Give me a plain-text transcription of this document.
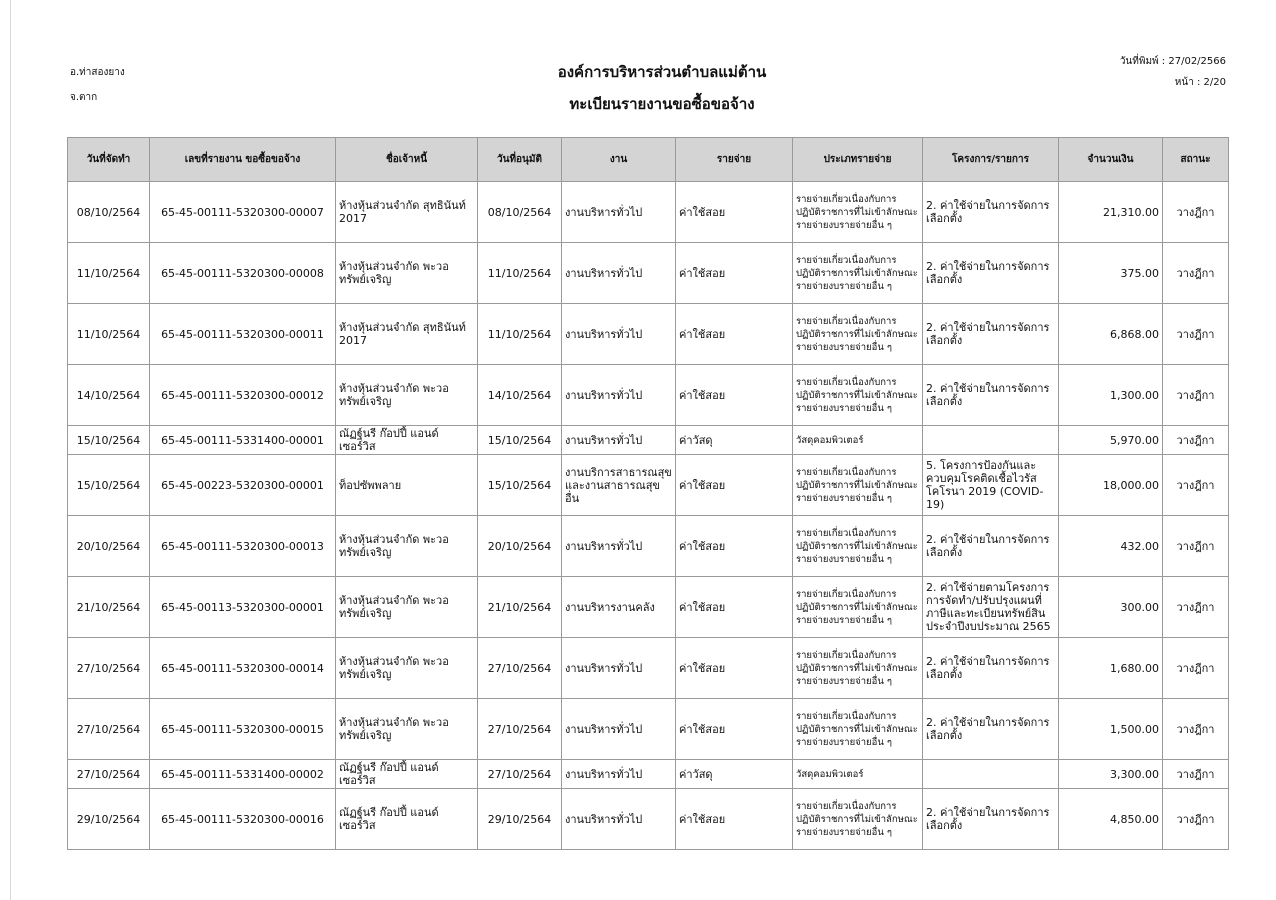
อ.ท่าสองยาง
จ.ตาก
องค์การบริหารส่วนตำบลแม่ต้าน
ทะเบียนรายงานขอซื้อขอจ้าง
วันที่พิมพ์ : 27/02/2566
หน้า : 2/20
วันที่จัดทำ	เลขที่รายงาน ขอซื้อขอจ้าง	ชื่อเจ้าหนี้	วันที่อนุมัติ	งาน	รายจ่าย	ประเภทรายจ่าย	โครงการ/รายการ	จำนวนเงิน	สถานะ
08/10/2564	65-45-00111-5320300-00007	ห้างหุ้นส่วนจำกัด สุทธินันท์ 2017	08/10/2564	งานบริหารทั่วไป	ค่าใช้สอย	รายจ่ายเกี่ยวเนื่องกับการปฏิบัติราชการที่ไม่เข้าลักษณะรายจ่ายงบรายจ่ายอื่น ๆ	2. ค่าใช้จ่ายในการจัดการเลือกตั้ง	21,310.00	วางฎีกา
11/10/2564	65-45-00111-5320300-00008	ห้างหุ้นส่วนจำกัด พะวอ ทรัพย์เจริญ	11/10/2564	งานบริหารทั่วไป	ค่าใช้สอย	รายจ่ายเกี่ยวเนื่องกับการปฏิบัติราชการที่ไม่เข้าลักษณะรายจ่ายงบรายจ่ายอื่น ๆ	2. ค่าใช้จ่ายในการจัดการเลือกตั้ง	375.00	วางฎีกา
11/10/2564	65-45-00111-5320300-00011	ห้างหุ้นส่วนจำกัด สุทธินันท์ 2017	11/10/2564	งานบริหารทั่วไป	ค่าใช้สอย	รายจ่ายเกี่ยวเนื่องกับการปฏิบัติราชการที่ไม่เข้าลักษณะรายจ่ายงบรายจ่ายอื่น ๆ	2. ค่าใช้จ่ายในการจัดการเลือกตั้ง	6,868.00	วางฎีกา
14/10/2564	65-45-00111-5320300-00012	ห้างหุ้นส่วนจำกัด พะวอ ทรัพย์เจริญ	14/10/2564	งานบริหารทั่วไป	ค่าใช้สอย	รายจ่ายเกี่ยวเนื่องกับการปฏิบัติราชการที่ไม่เข้าลักษณะรายจ่ายงบรายจ่ายอื่น ๆ	2. ค่าใช้จ่ายในการจัดการเลือกตั้ง	1,300.00	วางฎีกา
15/10/2564	65-45-00111-5331400-00001	ณัฏฐ์นรี ก๊อปปี้ แอนด์ เซอร์วิส	15/10/2564	งานบริหารทั่วไป	ค่าวัสดุ	วัสดุคอมพิวเตอร์		5,970.00	วางฎีกา
15/10/2564	65-45-00223-5320300-00001	ท็อปซัพพลาย	15/10/2564	งานบริการสาธารณสุขและงานสาธารณสุขอื่น	ค่าใช้สอย	รายจ่ายเกี่ยวเนื่องกับการปฏิบัติราชการที่ไม่เข้าลักษณะรายจ่ายงบรายจ่ายอื่น ๆ	5. โครงการป้องกันและควบคุมโรคติดเชื้อไวรัสโคโรนา 2019 (COVID-19)	18,000.00	วางฎีกา
20/10/2564	65-45-00111-5320300-00013	ห้างหุ้นส่วนจำกัด พะวอ ทรัพย์เจริญ	20/10/2564	งานบริหารทั่วไป	ค่าใช้สอย	รายจ่ายเกี่ยวเนื่องกับการปฏิบัติราชการที่ไม่เข้าลักษณะรายจ่ายงบรายจ่ายอื่น ๆ	2. ค่าใช้จ่ายในการจัดการเลือกตั้ง	432.00	วางฎีกา
21/10/2564	65-45-00113-5320300-00001	ห้างหุ้นส่วนจำกัด พะวอ ทรัพย์เจริญ	21/10/2564	งานบริหารงานคลัง	ค่าใช้สอย	รายจ่ายเกี่ยวเนื่องกับการปฏิบัติราชการที่ไม่เข้าลักษณะรายจ่ายงบรายจ่ายอื่น ๆ	2. ค่าใช้จ่ายตามโครงการการจัดทำ/ปรับปรุงแผนที่ภาษีและทะเบียนทรัพย์สิน ประจำปีงบประมาณ 2565	300.00	วางฎีกา
27/10/2564	65-45-00111-5320300-00014	ห้างหุ้นส่วนจำกัด พะวอ ทรัพย์เจริญ	27/10/2564	งานบริหารทั่วไป	ค่าใช้สอย	รายจ่ายเกี่ยวเนื่องกับการปฏิบัติราชการที่ไม่เข้าลักษณะรายจ่ายงบรายจ่ายอื่น ๆ	2. ค่าใช้จ่ายในการจัดการเลือกตั้ง	1,680.00	วางฎีกา
27/10/2564	65-45-00111-5320300-00015	ห้างหุ้นส่วนจำกัด พะวอ ทรัพย์เจริญ	27/10/2564	งานบริหารทั่วไป	ค่าใช้สอย	รายจ่ายเกี่ยวเนื่องกับการปฏิบัติราชการที่ไม่เข้าลักษณะรายจ่ายงบรายจ่ายอื่น ๆ	2. ค่าใช้จ่ายในการจัดการเลือกตั้ง	1,500.00	วางฎีกา
27/10/2564	65-45-00111-5331400-00002	ณัฏฐ์นรี ก๊อปปี้ แอนด์ เซอร์วิส	27/10/2564	งานบริหารทั่วไป	ค่าวัสดุ	วัสดุคอมพิวเตอร์		3,300.00	วางฎีกา
29/10/2564	65-45-00111-5320300-00016	ณัฏฐ์นรี ก๊อปปี้ แอนด์ เซอร์วิส	29/10/2564	งานบริหารทั่วไป	ค่าใช้สอย	รายจ่ายเกี่ยวเนื่องกับการปฏิบัติราชการที่ไม่เข้าลักษณะรายจ่ายงบรายจ่ายอื่น ๆ	2. ค่าใช้จ่ายในการจัดการเลือกตั้ง	4,850.00	วางฎีกา
